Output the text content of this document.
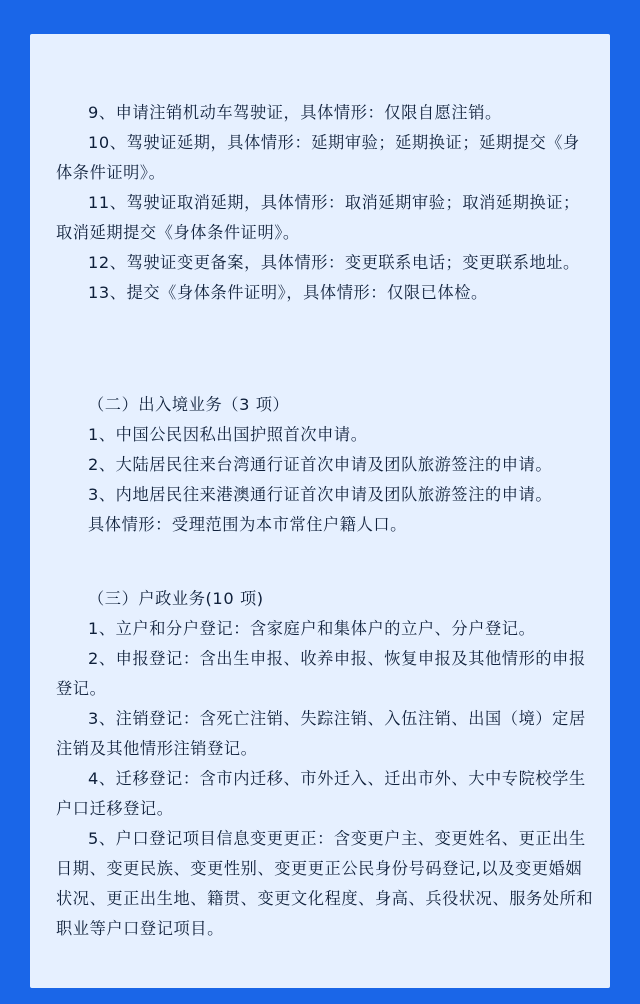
9、申请注销机动车驾驶证，具体情形：仅限自愿注销。

10、驾驶证延期，具体情形：延期审验；延期换证；延期提交《身体条件证明》。

11、驾驶证取消延期，具体情形：取消延期审验；取消延期换证；取消延期提交《身体条件证明》。

12、驾驶证变更备案，具体情形：变更联系电话；变更联系地址。

13、提交《身体条件证明》，具体情形：仅限已体检。

（二）出入境业务（3 项）

1、中国公民因私出国护照首次申请。

2、大陆居民往来台湾通行证首次申请及团队旅游签注的申请。

3、内地居民往来港澳通行证首次申请及团队旅游签注的申请。

具体情形：受理范围为本市常住户籍人口。

（三）户政业务(10 项)

1、立户和分户登记：含家庭户和集体户的立户、分户登记。

2、申报登记：含出生申报、收养申报、恢复申报及其他情形的申报登记。

3、注销登记：含死亡注销、失踪注销、入伍注销、出国（境）定居注销及其他情形注销登记。

4、迁移登记：含市内迁移、市外迁入、迁出市外、大中专院校学生户口迁移登记。

5、户口登记项目信息变更更正：含变更户主、变更姓名、更正出生日期、变更民族、变更性别、变更更正公民身份号码登记,以及变更婚姻状况、更正出生地、籍贯、变更文化程度、身高、兵役状况、服务处所和职业等户口登记项目。
